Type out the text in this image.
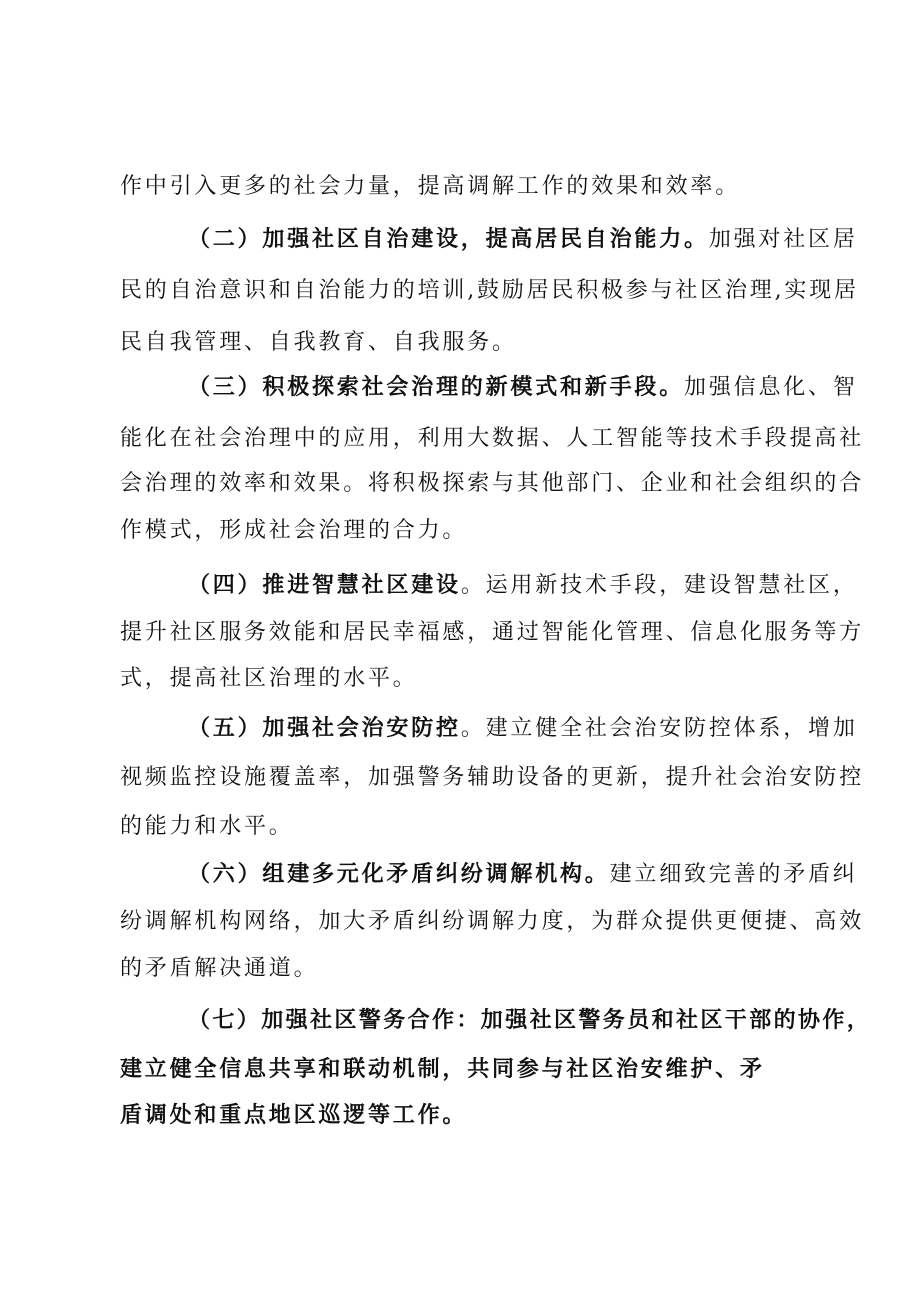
作中引入更多的社会力量，提高调解工作的效果和效率。
（二）加强社区自治建设，提高居民自治能力。加强对社区居
民的自治意识和自治能力的培训,鼓励居民积极参与社区治理,实现居
民自我管理、自我教育、自我服务。
（三）积极探索社会治理的新模式和新手段。加强信息化、智
能化在社会治理中的应用，利用大数据、人工智能等技术手段提高社
会治理的效率和效果。将积极探索与其他部门、企业和社会组织的合
作模式，形成社会治理的合力。
（四）推进智慧社区建设。运用新技术手段，建设智慧社区，
提升社区服务效能和居民幸福感，通过智能化管理、信息化服务等方
式，提高社区治理的水平。
（五）加强社会治安防控。建立健全社会治安防控体系，增加
视频监控设施覆盖率，加强警务辅助设备的更新，提升社会治安防控
的能力和水平。
（六）组建多元化矛盾纠纷调解机构。建立细致完善的矛盾纠
纷调解机构网络，加大矛盾纠纷调解力度，为群众提供更便捷、高效
的矛盾解决通道。
（七）加强社区警务合作：加强社区警务员和社区干部的协作，
建立健全信息共享和联动机制，共同参与社区治安维护、矛
盾调处和重点地区巡逻等工作。
